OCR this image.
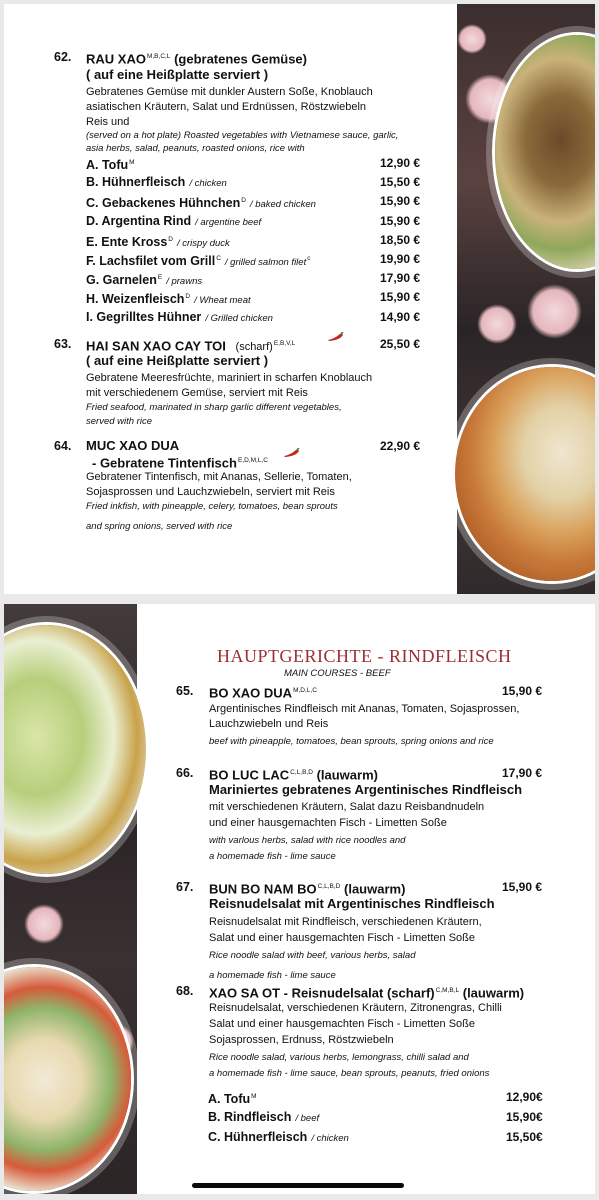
62. RAU $XAO^{M,B,C,L}$ (gebratenes Gemüse)
( auf eine Heißplatte serviert )
Gebratenes Gemüse mit dunkler Austern Soße, Knoblauch
asiatischen Kräutern, Salat und Erdnüssen, Röstzwiebeln
Reis und
(served on a hot plate) Roasted vegetables with Vietnamese sauce, garlic,
asia herbs, salad, peanuts, roasted onions, rice with
A. Tofu$^M$	12,90 €
B. Hühnerfleisch / chicken	15,50 €
C. Gebackenes Hühnchen$^D$ / baked chicken	15,90 €
D. Argentina Rind / argentine beef	15,90 €
E. Ente Kross$^D$ / crispy duck	18,50 €
F. Lachsfilet vom Grill$^C$ / grilled salmon filet$^c$	19,90 €
G. Garnelen$^E$ / prawns	17,90 €
H. Weizenfleisch$^D$ / Wheat meat	15,90 €
I. Gegrilltes Hühner / Grilled chicken	14,90 €
63. HAI SAN XAO CAY TOI (scharf)$^{E,B,V,L}$	25,50 €
( auf eine Heißplatte serviert )
Gebratene Meeresfrüchte, mariniert in scharfen Knoblauch
mit verschiedenem Gemüse, serviert mit Reis
Fried seafood, marinated in sharp garlic different vegetables,
served with rice
64. MUC XAO DUA	22,90 €
- Gebratene Tintenfisch$^{E,D,M,L,C}$
Gebratener Tintenfisch, mit Ananas, Sellerie, Tomaten,
Sojasprossen und Lauchzwiebeln, serviert mit Reis
Fried inkfish, with pineapple, celery, tomatoes, bean sprouts
and spring onions, served with rice
HAUPTGERICHTE - RINDFLEISCH
MAIN COURSES - BEEF
65. BO XAO $DUA^{M,D,L,C}$	15,90 €
Argentinisches Rindfleisch mit Ananas, Tomaten, Sojasprossen,
Lauchzwiebeln und Reis
beef with pineapple, tomatoes, bean sprouts, spring onions and rice
66. BO LUC $LAC^{C,L,B,D}$ (lauwarm)	17,90 €
Mariniertes gebratenes Argentinisches Rindfleisch
mit verschiedenen Kräutern, Salat dazu Reisbandnudeln
und einer hausgemachten Fisch - Limetten Soße
with varlous herbs, salad with rice noodles and
a homemade fish - lime sauce
67. BUN BO NAM $BO^{C,L,B,D}$ (lauwarm)	15,90 €
Reisnudelsalat mit Argentinisches Rindfleisch
Reisnudelsalat mit Rindfleisch, verschiedenen Kräutern,
Salat und einer hausgemachten Fisch - Limetten Soße
Rice noodle salad with beef, various herbs, salad
a homemade fish - lime sauce
68. XAO SA OT - Reisnudelsalat (scharf)$^{C,M,B,L}$ (lauwarm)
Reisnudelsalat, verschiedenen Kräutern, Zitronengras, Chilli
Salat und einer hausgemachten Fisch - Limetten Soße
Sojasprossen, Erdnuss, Röstzwiebeln
Rice noodle salad, various herbs, lemongrass, chilli salad and
a homemade fish - lime sauce, bean sprouts, peanuts, fried onions
A. Tofu$^M$	12,90€
B. Rindfleisch / beef	15,90€
C. Hühnerfleisch / chicken	15,50€
